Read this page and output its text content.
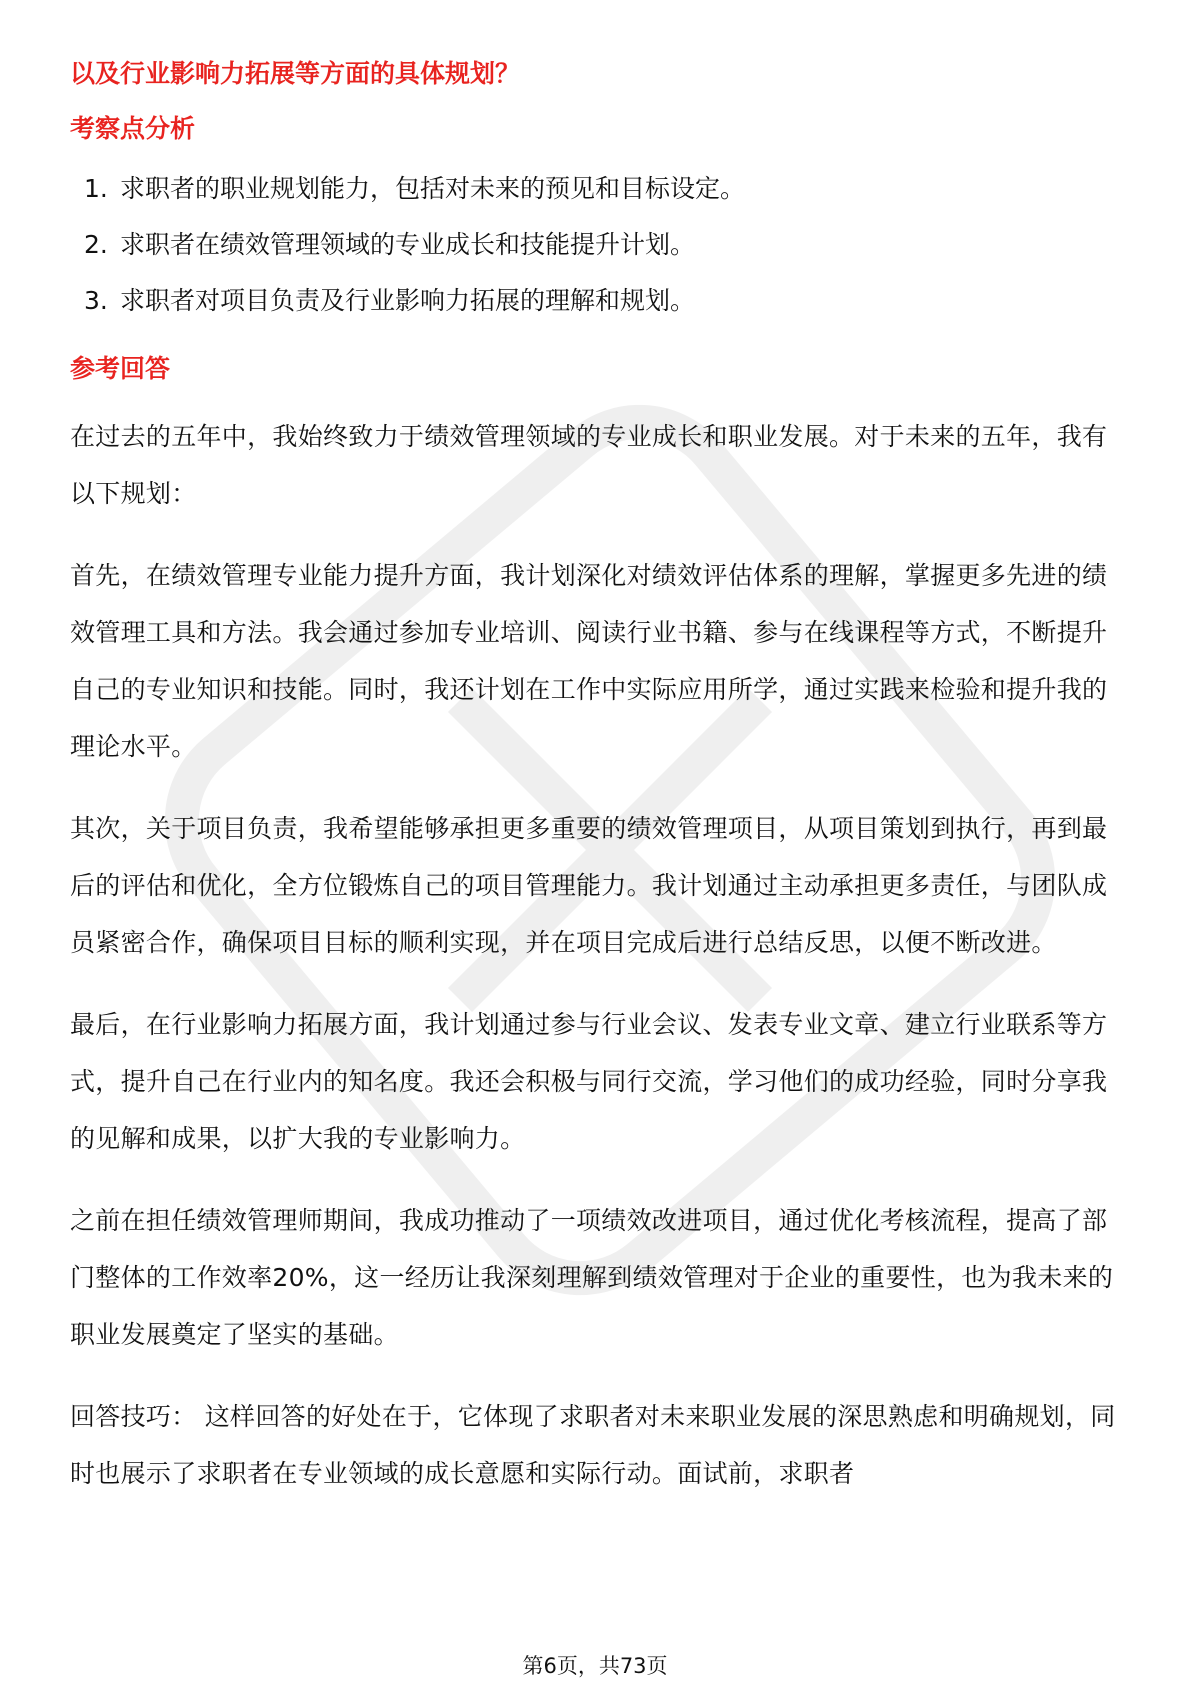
以及行业影响力拓展等方面的具体规划？
考察点分析
1. 求职者的职业规划能力，包括对未来的预见和目标设定。
2. 求职者在绩效管理领域的专业成长和技能提升计划。
3. 求职者对项目负责及行业影响力拓展的理解和规划。
参考回答

在过去的五年中，我始终致力于绩效管理领域的专业成长和职业发展。对于未来的五年，我有以下规划：

首先，在绩效管理专业能力提升方面，我计划深化对绩效评估体系的理解，掌握更多先进的绩效管理工具和方法。我会通过参加专业培训、阅读行业书籍、参与在线课程等方式，不断提升自己的专业知识和技能。同时，我还计划在工作中实际应用所学，通过实践来检验和提升我的理论水平。

其次，关于项目负责，我希望能够承担更多重要的绩效管理项目，从项目策划到执行，再到最后的评估和优化，全方位锻炼自己的项目管理能力。我计划通过主动承担更多责任，与团队成员紧密合作，确保项目目标的顺利实现，并在项目完成后进行总结反思，以便不断改进。

最后，在行业影响力拓展方面，我计划通过参与行业会议、发表专业文章、建立行业联系等方式，提升自己在行业内的知名度。我还会积极与同行交流，学习他们的成功经验，同时分享我的见解和成果，以扩大我的专业影响力。

之前在担任绩效管理师期间，我成功推动了一项绩效改进项目，通过优化考核流程，提高了部门整体的工作效率20%，这一经历让我深刻理解到绩效管理对于企业的重要性，也为我未来的职业发展奠定了坚实的基础。

回答技巧： 这样回答的好处在于，它体现了求职者对未来职业发展的深思熟虑和明确规划，同时也展示了求职者在专业领域的成长意愿和实际行动。面试前，求职者

第6页，共73页
